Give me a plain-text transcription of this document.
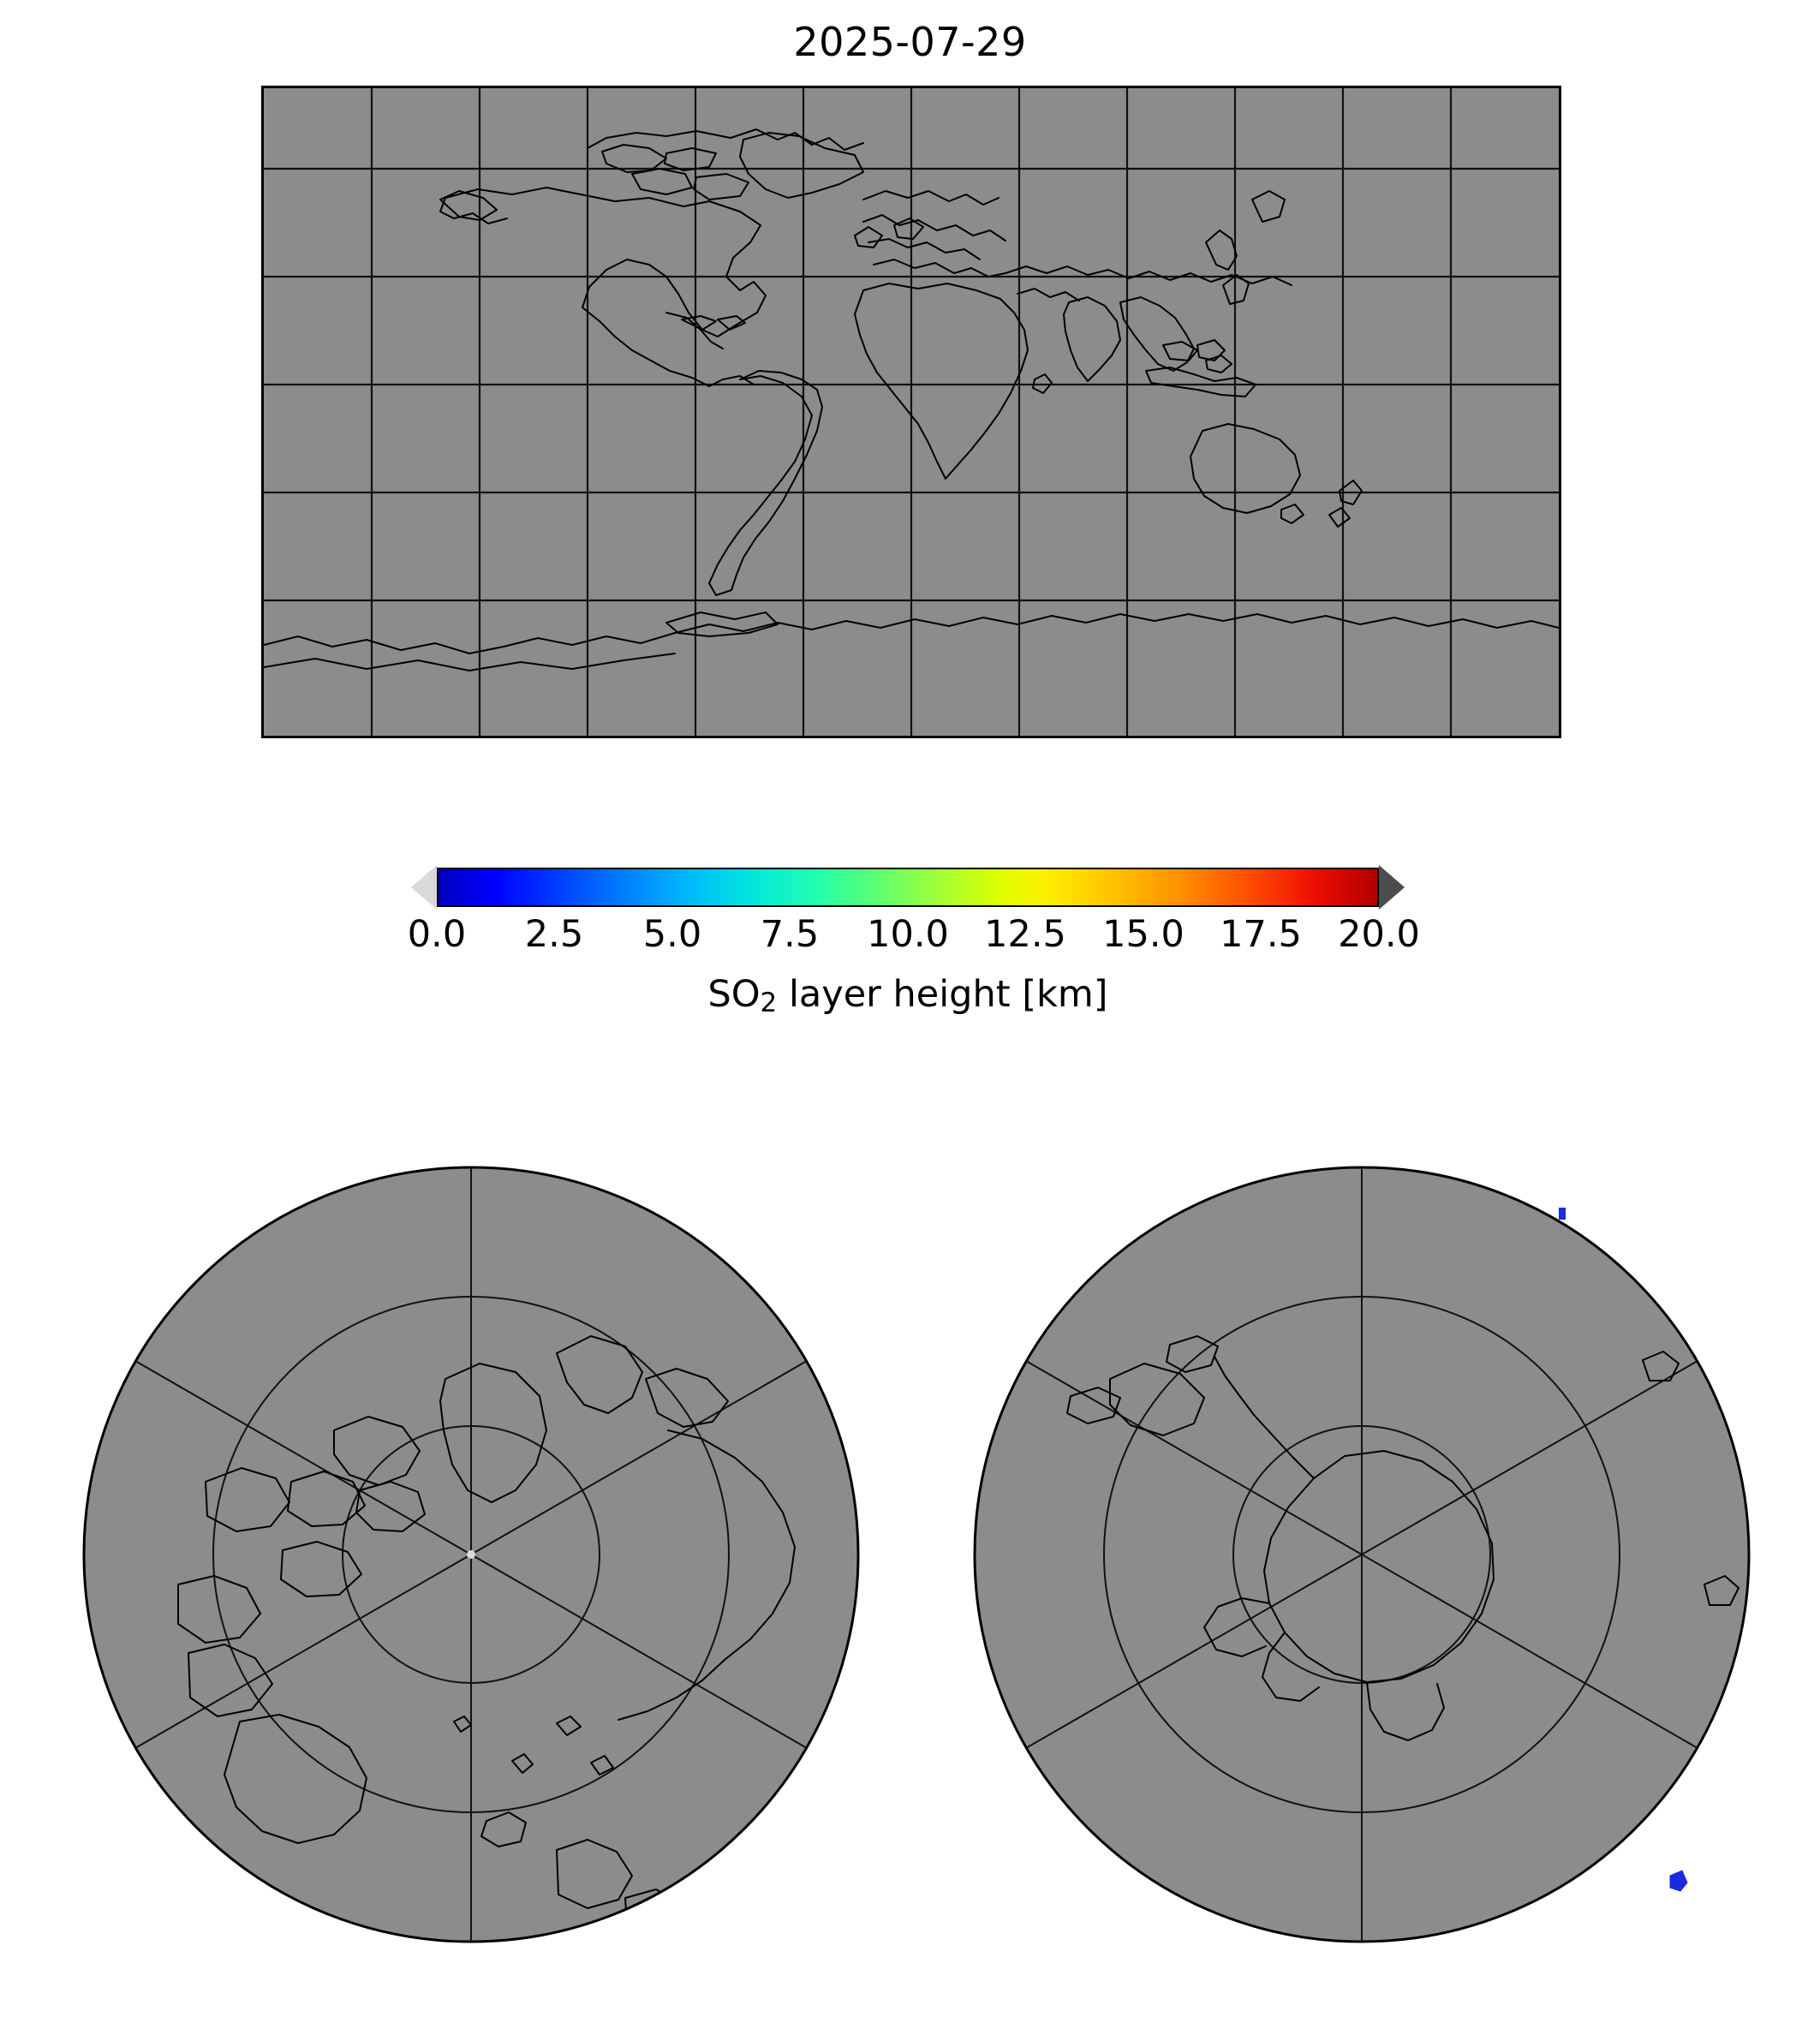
2025-07-29
0.0 2.5 5.0 7.5 10.0 12.5 15.0 17.5 20.0
$SO_2$ layer height [km]
